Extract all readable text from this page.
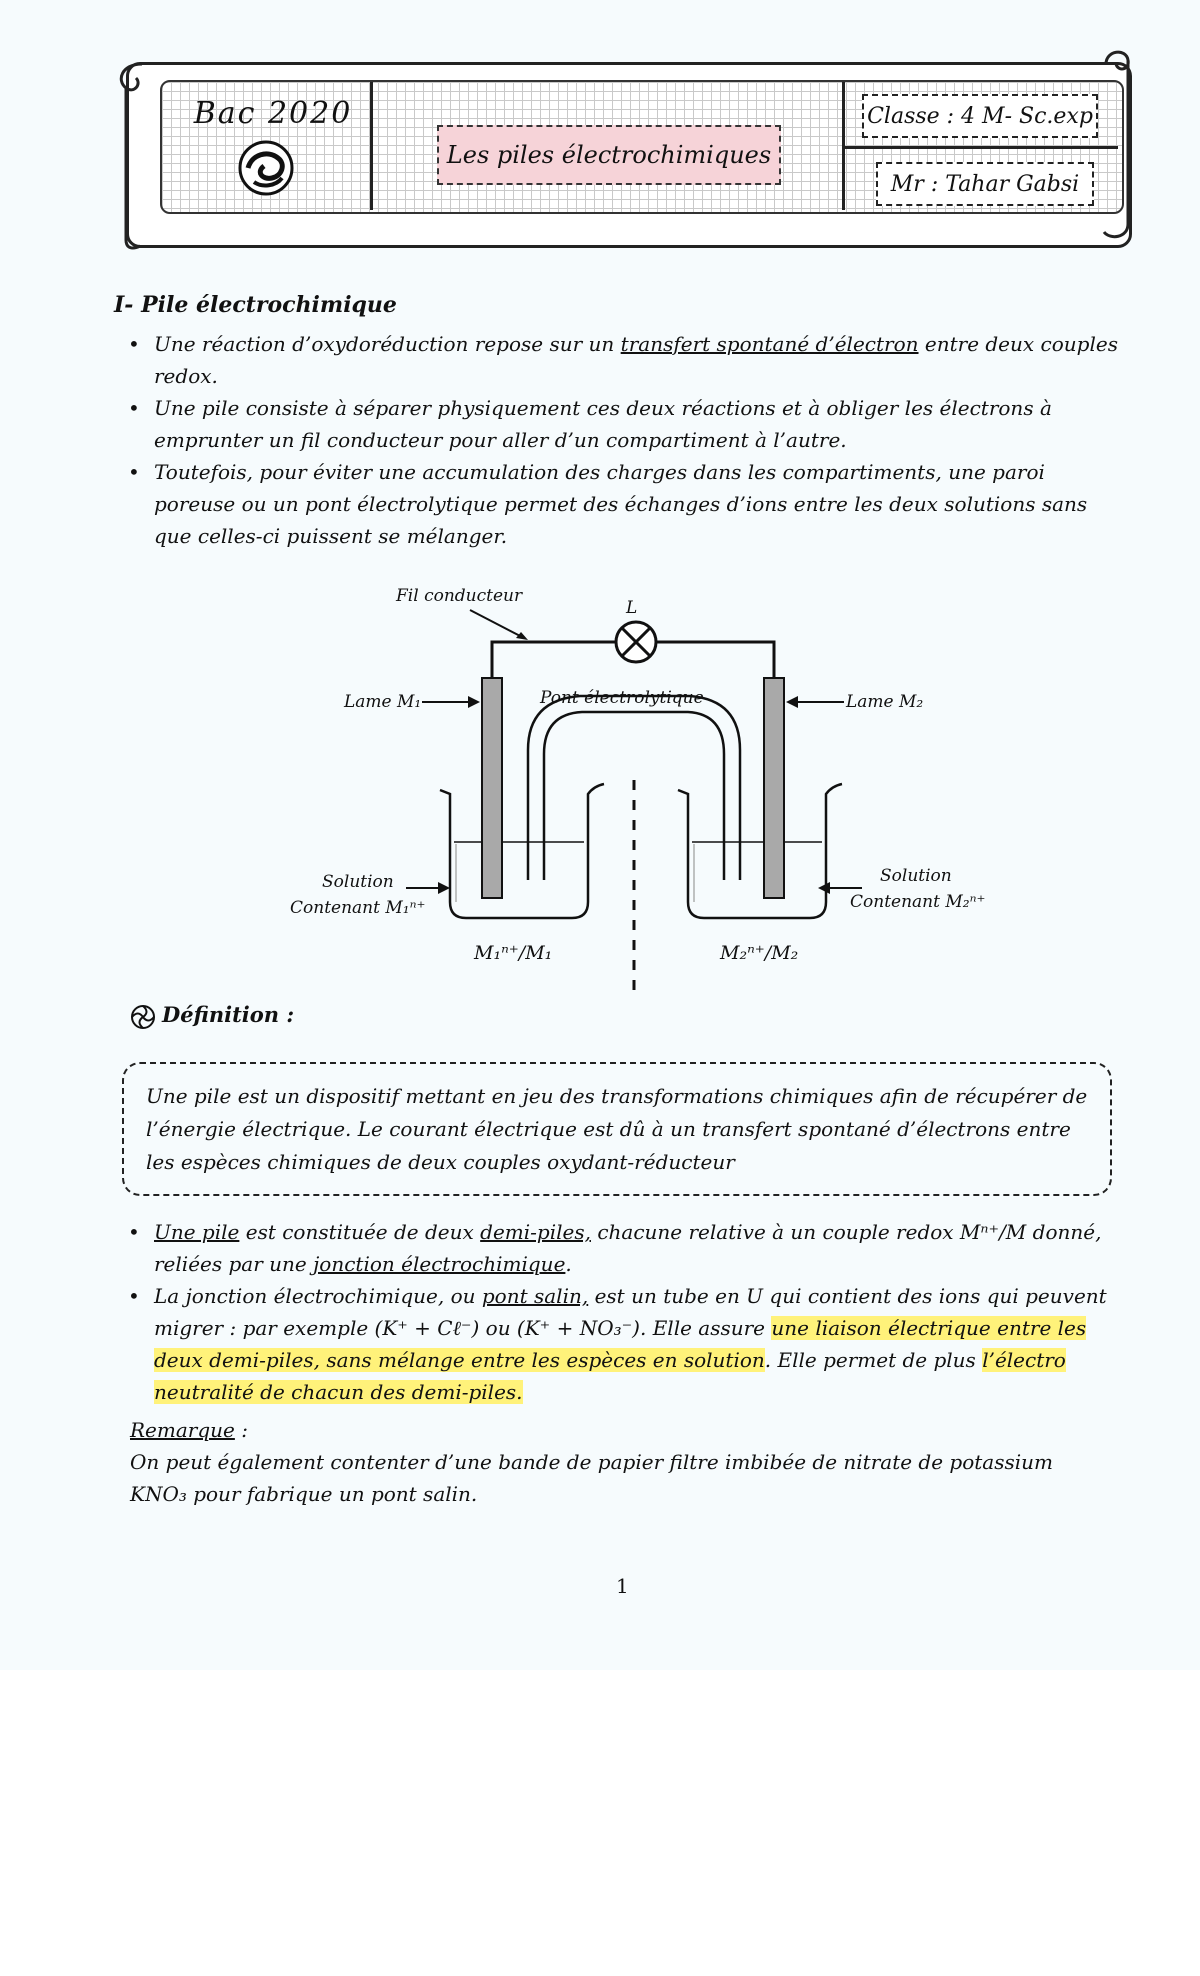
Bac 2020
Les piles électrochimiques
Classe : 4 M- Sc.exp
Mr : Tahar Gabsi
I- Pile électrochimique
• Une réaction d’oxydoréduction repose sur un transfert spontané d’électron entre deux couples redox.
• Une pile consiste à séparer physiquement ces deux réactions et à obliger les électrons à emprunter un fil conducteur pour aller d’un compartiment à l’autre.
• Toutefois, pour éviter une accumulation des charges dans les compartiments, une paroi poreuse ou un pont électrolytique permet des échanges d’ions entre les deux solutions sans que celles-ci puissent se mélanger.
Fil conducteur
L
Lame M₁	Lame M₂
Pont électrolytique
Solution
Contenant M₁ⁿ⁺
Solution
Contenant M₂ⁿ⁺
M₁ⁿ⁺/M₁	M₂ⁿ⁺/M₂
Définition :
Une pile est un dispositif mettant en jeu des transformations chimiques afin de récupérer de l’énergie électrique. Le courant électrique est dû à un transfert spontané d’électrons entre les espèces chimiques de deux couples oxydant-réducteur
• Une pile est constituée de deux demi-piles, chacune relative à un couple redox Mⁿ⁺/M donné, reliées par une jonction électrochimique.
• La jonction électrochimique, ou pont salin, est un tube en U qui contient des ions qui peuvent migrer : par exemple (K⁺ + Cℓ⁻) ou (K⁺ + NO₃⁻). Elle assure une liaison électrique entre les deux demi-piles, sans mélange entre les espèces en solution. Elle permet de plus l’électro neutralité de chacun des demi-piles.
Remarque :
On peut également contenter d’une bande de papier filtre imbibée de nitrate de potassium KNO₃ pour fabrique un pont salin.
1
